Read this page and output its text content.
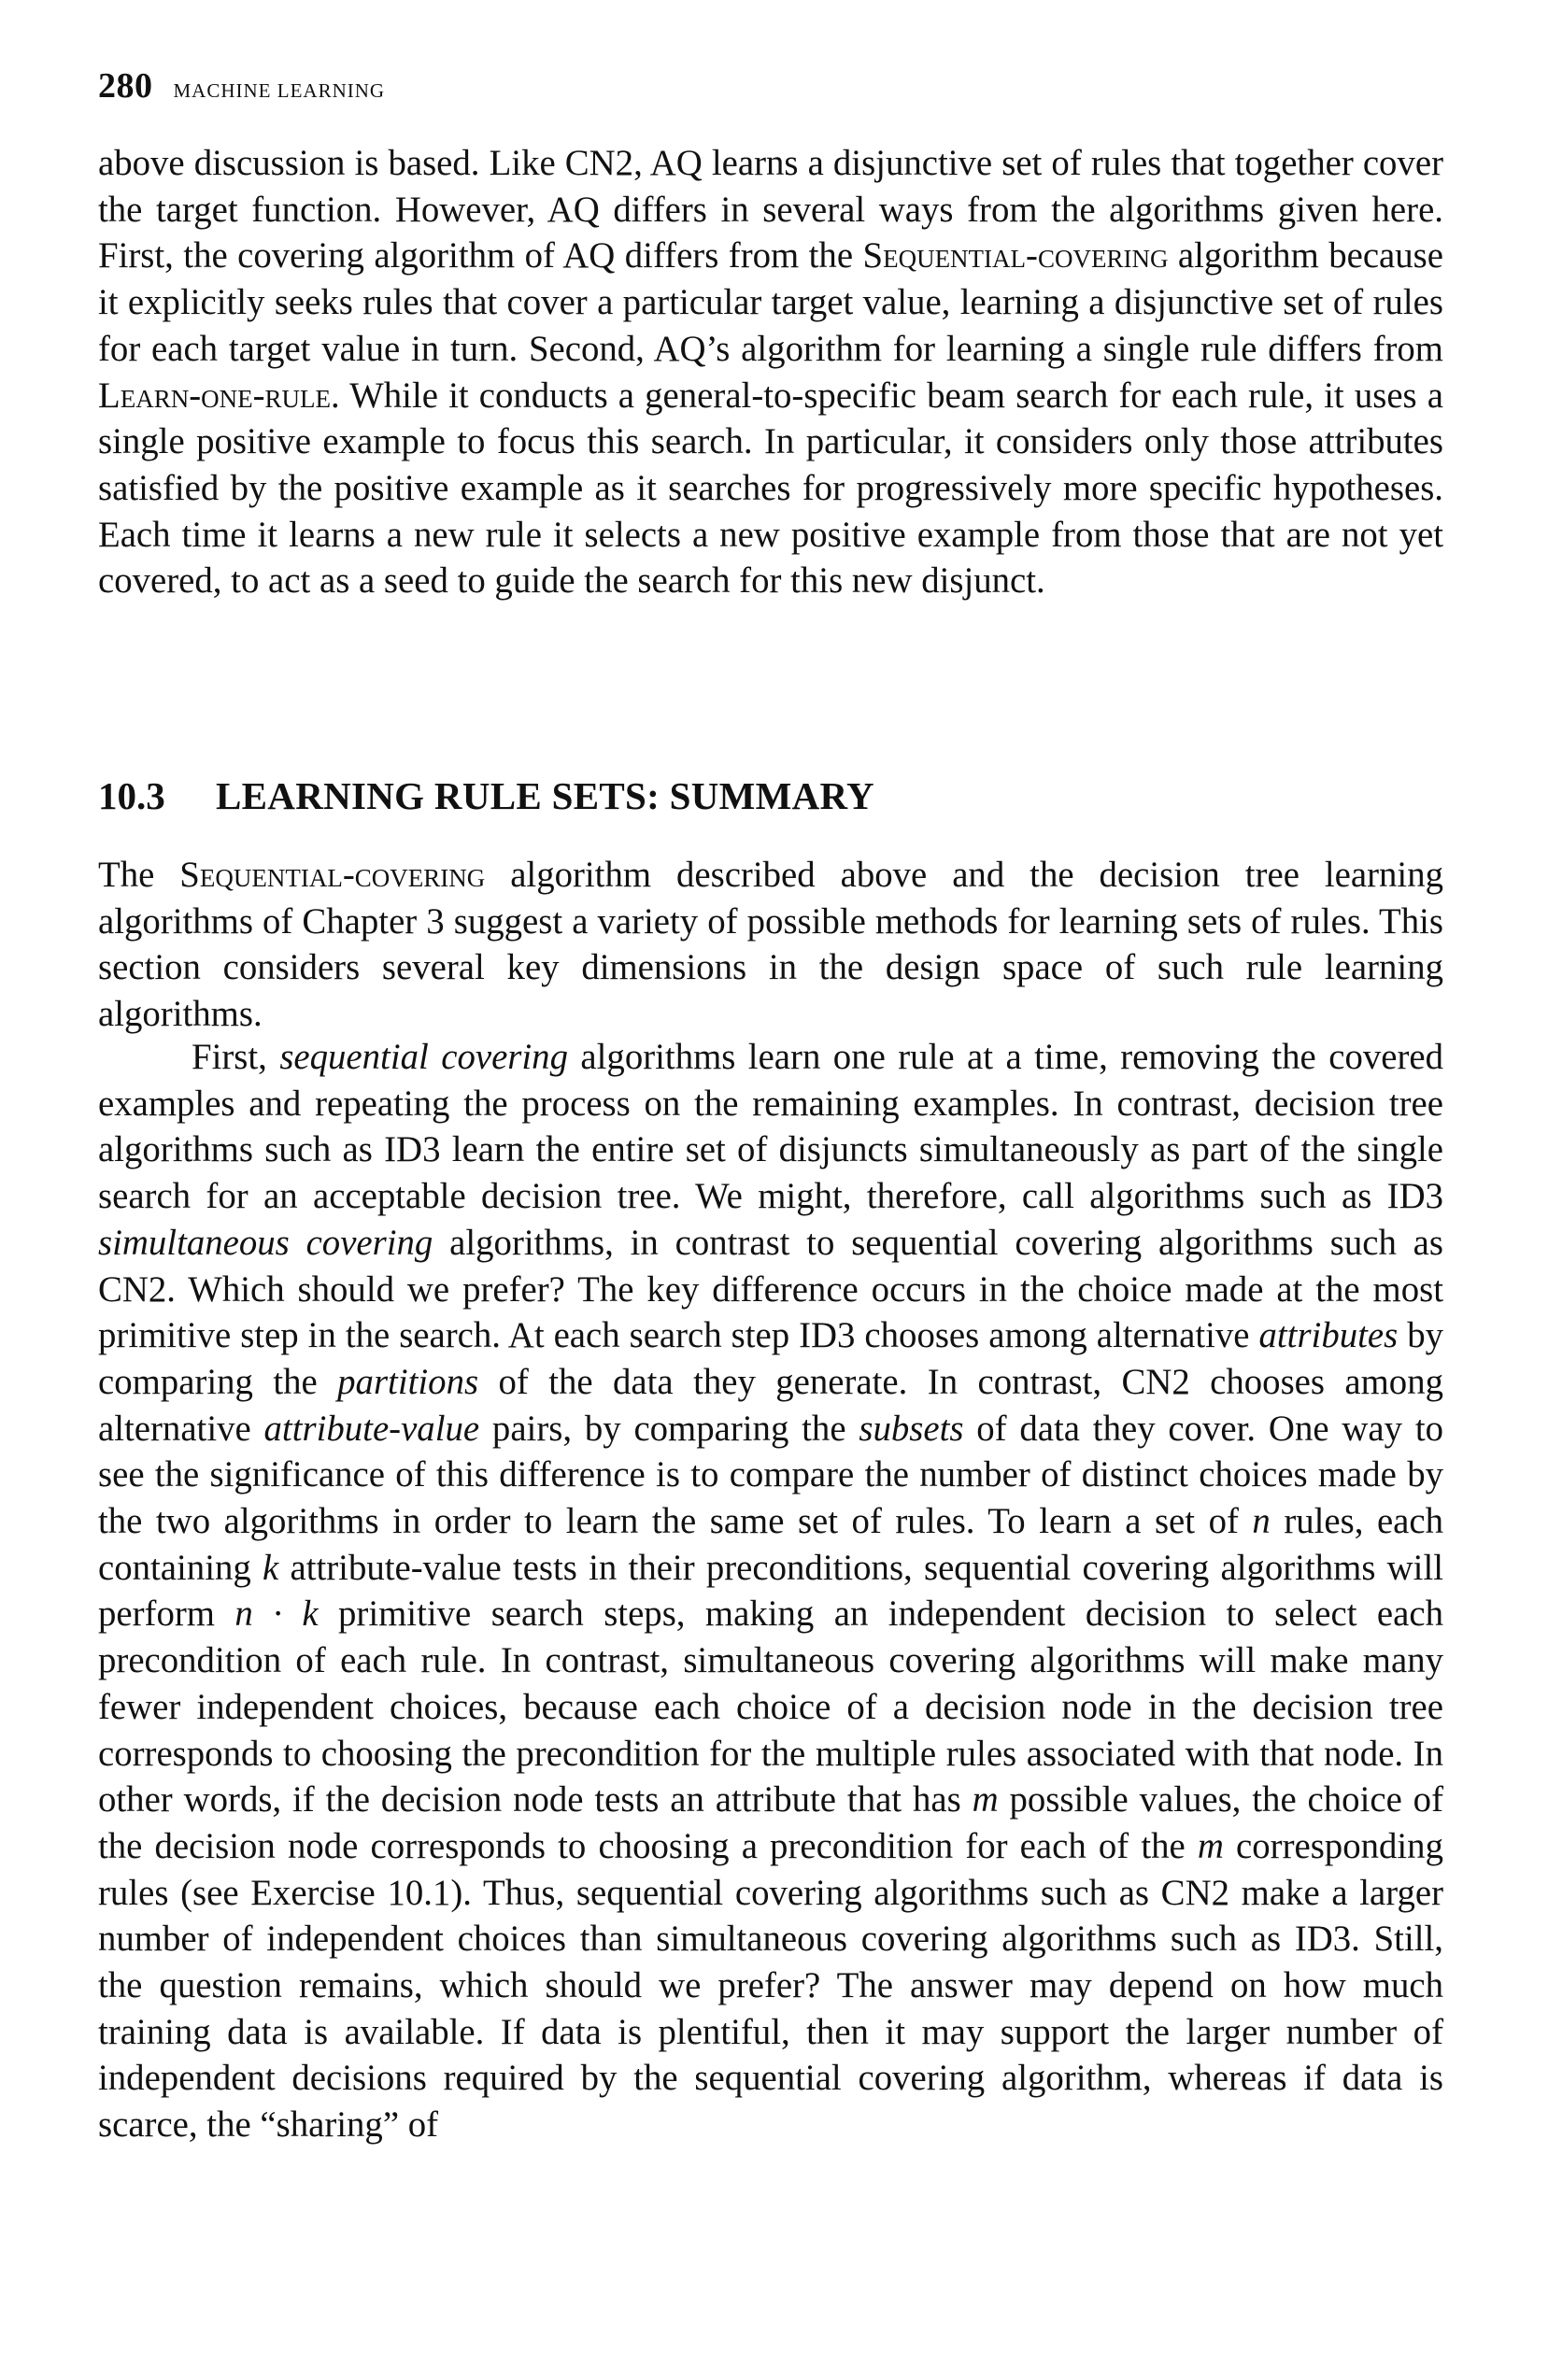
280 MACHINE LEARNING

above discussion is based. Like CN2, AQ learns a disjunctive set of rules that together cover the target function. However, AQ differs in several ways from the algorithms given here. First, the covering algorithm of AQ differs from the Sequential-covering algorithm because it explicitly seeks rules that cover a particular target value, learning a disjunctive set of rules for each target value in turn. Second, AQ’s algorithm for learning a single rule differs from Learn-one-rule. While it conducts a general-to-specific beam search for each rule, it uses a single positive example to focus this search. In particular, it considers only those attributes satisfied by the positive example as it searches for progressively more specific hypotheses. Each time it learns a new rule it selects a new positive example from those that are not yet covered, to act as a seed to guide the search for this new disjunct.

10.3	LEARNING RULE SETS: SUMMARY

The Sequential-covering algorithm described above and the decision tree learning algorithms of Chapter 3 suggest a variety of possible methods for learning sets of rules. This section considers several key dimensions in the design space of such rule learning algorithms.

First, sequential covering algorithms learn one rule at a time, removing the covered examples and repeating the process on the remaining examples. In contrast, decision tree algorithms such as ID3 learn the entire set of disjuncts simultaneously as part of the single search for an acceptable decision tree. We might, therefore, call algorithms such as ID3 simultaneous covering algorithms, in contrast to sequential covering algorithms such as CN2. Which should we prefer? The key difference occurs in the choice made at the most primitive step in the search. At each search step ID3 chooses among alternative attributes by comparing the partitions of the data they generate. In contrast, CN2 chooses among alternative attribute-value pairs, by comparing the subsets of data they cover. One way to see the significance of this difference is to compare the number of distinct choices made by the two algorithms in order to learn the same set of rules. To learn a set of n rules, each containing k attribute-value tests in their preconditions, sequential covering algorithms will perform n · k primitive search steps, making an independent decision to select each precondition of each rule. In contrast, simultaneous covering algorithms will make many fewer independent choices, because each choice of a decision node in the decision tree corresponds to choosing the precondition for the multiple rules associated with that node. In other words, if the decision node tests an attribute that has m possible values, the choice of the decision node corresponds to choosing a precondition for each of the m corresponding rules (see Exercise 10.1). Thus, sequential covering algorithms such as CN2 make a larger number of independent choices than simultaneous covering algorithms such as ID3. Still, the question remains, which should we prefer? The answer may depend on how much training data is available. If data is plentiful, then it may support the larger number of independent decisions required by the sequential covering algorithm, whereas if data is scarce, the “sharing” of
